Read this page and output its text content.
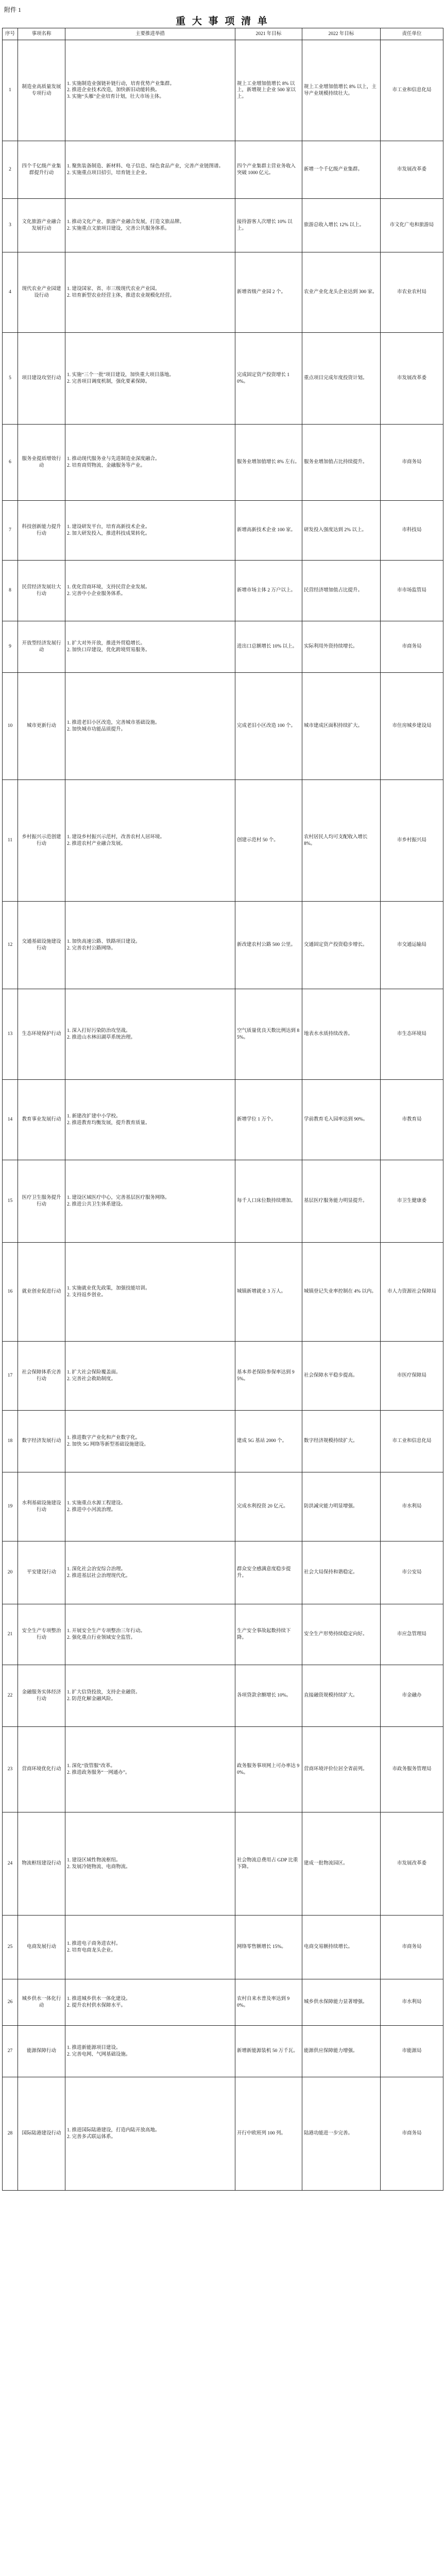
附件 1
重 大 事 项 清 单
序号	事项名称	主要推进举措	2021 年目标	2022 年目标	责任单位
1	制造业高质量发展专项行动	1. 实施制造业强链补链行动，培育优势产业集群。
2. 推进企业技术改造，加快新旧动能转换。
3. 实施“头雁”企业培育计划，壮大市场主体。	规上工业增加值增长 8% 以上，新增规上企业 500 家以上。	规上工业增加值增长 8% 以上，主导产业规模持续壮大。	市工业和信息化局
2	四个千亿级产业集群提升行动	1. 聚焦装备制造、新材料、电子信息、绿色食品产业，完善产业链图谱。
2. 实施重点项目招引，培育链主企业。	四个产业集群主营业务收入突破 1000 亿元。	新增一个千亿级产业集群。	市发展改革委
3	文化旅游产业融合发展行动	1. 推动文化产业、旅游产业融合发展，打造文旅品牌。
2. 实施重点文旅项目建设，完善公共服务体系。	接待游客人次增长 10% 以上。	旅游总收入增长 12% 以上。	市文化广电和旅游局
4	现代农业产业园建设行动	1. 建设国家、省、市三级现代农业产业园。
2. 培育新型农业经营主体，推进农业规模化经营。	新增省级产业园 2 个。	农业产业化龙头企业达到 300 家。	市农业农村局
5	项目建设攻坚行动	1. 实施“三个一批”项目建设，加快重大项目落地。
2. 完善项目调度机制，强化要素保障。	完成固定资产投资增长 10%。	重点项目完成年度投资计划。	市发展改革委
6	服务业提质增效行动	1. 推动现代服务业与先进制造业深度融合。
2. 培育商贸物流、金融服务等产业。	服务业增加值增长 8% 左右。	服务业增加值占比持续提升。	市商务局
7	科技创新能力提升行动	1. 建设研发平台，培育高新技术企业。
2. 加大研发投入，推进科技成果转化。	新增高新技术企业 100 家。	研发投入强度达到 2% 以上。	市科技局
8	民营经济发展壮大行动	1. 优化营商环境，支持民营企业发展。
2. 完善中小企业服务体系。	新增市场主体 2 万户以上。	民营经济增加值占比提升。	市市场监管局
9	开放型经济发展行动	1. 扩大对外开放，推进外贸稳增长。
2. 加快口岸建设，优化跨境贸易服务。	进出口总额增长 10% 以上。	实际利用外资持续增长。	市商务局
10	城市更新行动	1. 推进老旧小区改造，完善城市基础设施。
2. 加快城市功能品质提升。	完成老旧小区改造 100 个。	城市建成区面积持续扩大。	市住房城乡建设局
11	乡村振兴示范创建行动	1. 建设乡村振兴示范村，改善农村人居环境。
2. 推进农村产业融合发展。	创建示范村 50 个。	农村居民人均可支配收入增长 8%。	市乡村振兴局
12	交通基础设施建设行动	1. 加快高速公路、铁路项目建设。
2. 完善农村公路网络。	新改建农村公路 500 公里。	交通固定资产投资稳步增长。	市交通运输局
13	生态环境保护行动	1. 深入打好污染防治攻坚战。
2. 推进山水林田湖草系统治理。	空气质量优良天数比例达到 85%。	地表水水质持续改善。	市生态环境局
14	教育事业发展行动	1. 新建改扩建中小学校。
2. 推进教育均衡发展，提升教育质量。	新增学位 1 万个。	学前教育毛入园率达到 90%。	市教育局
15	医疗卫生服务提升行动	1. 建设区域医疗中心，完善基层医疗服务网络。
2. 推进公共卫生体系建设。	每千人口床位数持续增加。	基层医疗服务能力明显提升。	市卫生健康委
16	就业创业促进行动	1. 实施就业优先政策，加强技能培训。
2. 支持返乡创业。	城镇新增就业 3 万人。	城镇登记失业率控制在 4% 以内。	市人力资源社会保障局
17	社会保障体系完善行动	1. 扩大社会保险覆盖面。
2. 完善社会救助制度。	基本养老保险参保率达到 95%。	社会保障水平稳步提高。	市医疗保障局
18	数字经济发展行动	1. 推进数字产业化和产业数字化。
2. 加快 5G 网络等新型基础设施建设。	建成 5G 基站 2000 个。	数字经济规模持续扩大。	市工业和信息化局
19	水利基础设施建设行动	1. 实施重点水源工程建设。
2. 推进中小河流治理。	完成水利投资 20 亿元。	防洪减灾能力明显增强。	市水利局
20	平安建设行动	1. 深化社会治安综合治理。
2. 推进基层社会治理现代化。	群众安全感满意度稳步提升。	社会大局保持和谐稳定。	市公安局
21	安全生产专项整治行动	1. 开展安全生产专项整治三年行动。
2. 强化重点行业领域安全监管。	生产安全事故起数持续下降。	安全生产形势持续稳定向好。	市应急管理局
22	金融服务实体经济行动	1. 扩大信贷投放，支持企业融资。
2. 防范化解金融风险。	各项贷款余额增长 10%。	直接融资规模持续扩大。	市金融办
23	营商环境优化行动	1. 深化“放管服”改革。
2. 推进政务服务“一网通办”。	政务服务事项网上可办率达 90%。	营商环境评价位居全省前列。	市政务服务管理局
24	物流枢纽建设行动	1. 建设区域性物流枢纽。
2. 发展冷链物流、电商物流。	社会物流总费用占 GDP 比重下降。	建成一批物流园区。	市发展改革委
25	电商发展行动	1. 推进电子商务进农村。
2. 培育电商龙头企业。	网络零售额增长 15%。	电商交易额持续增长。	市商务局
26	城乡供水一体化行动	1. 推进城乡供水一体化建设。
2. 提升农村供水保障水平。	农村自来水普及率达到 90%。	城乡供水保障能力显著增强。	市水利局
27	能源保障行动	1. 推进新能源项目建设。
2. 完善电网、气网基础设施。	新增新能源装机 50 万千瓦。	能源供应保障能力增强。	市能源局
28	国际陆港建设行动	1. 推进国际陆港建设，打造内陆开放高地。
2. 完善多式联运体系。	开行中欧班列 100 列。	陆港功能进一步完善。	市商务局
